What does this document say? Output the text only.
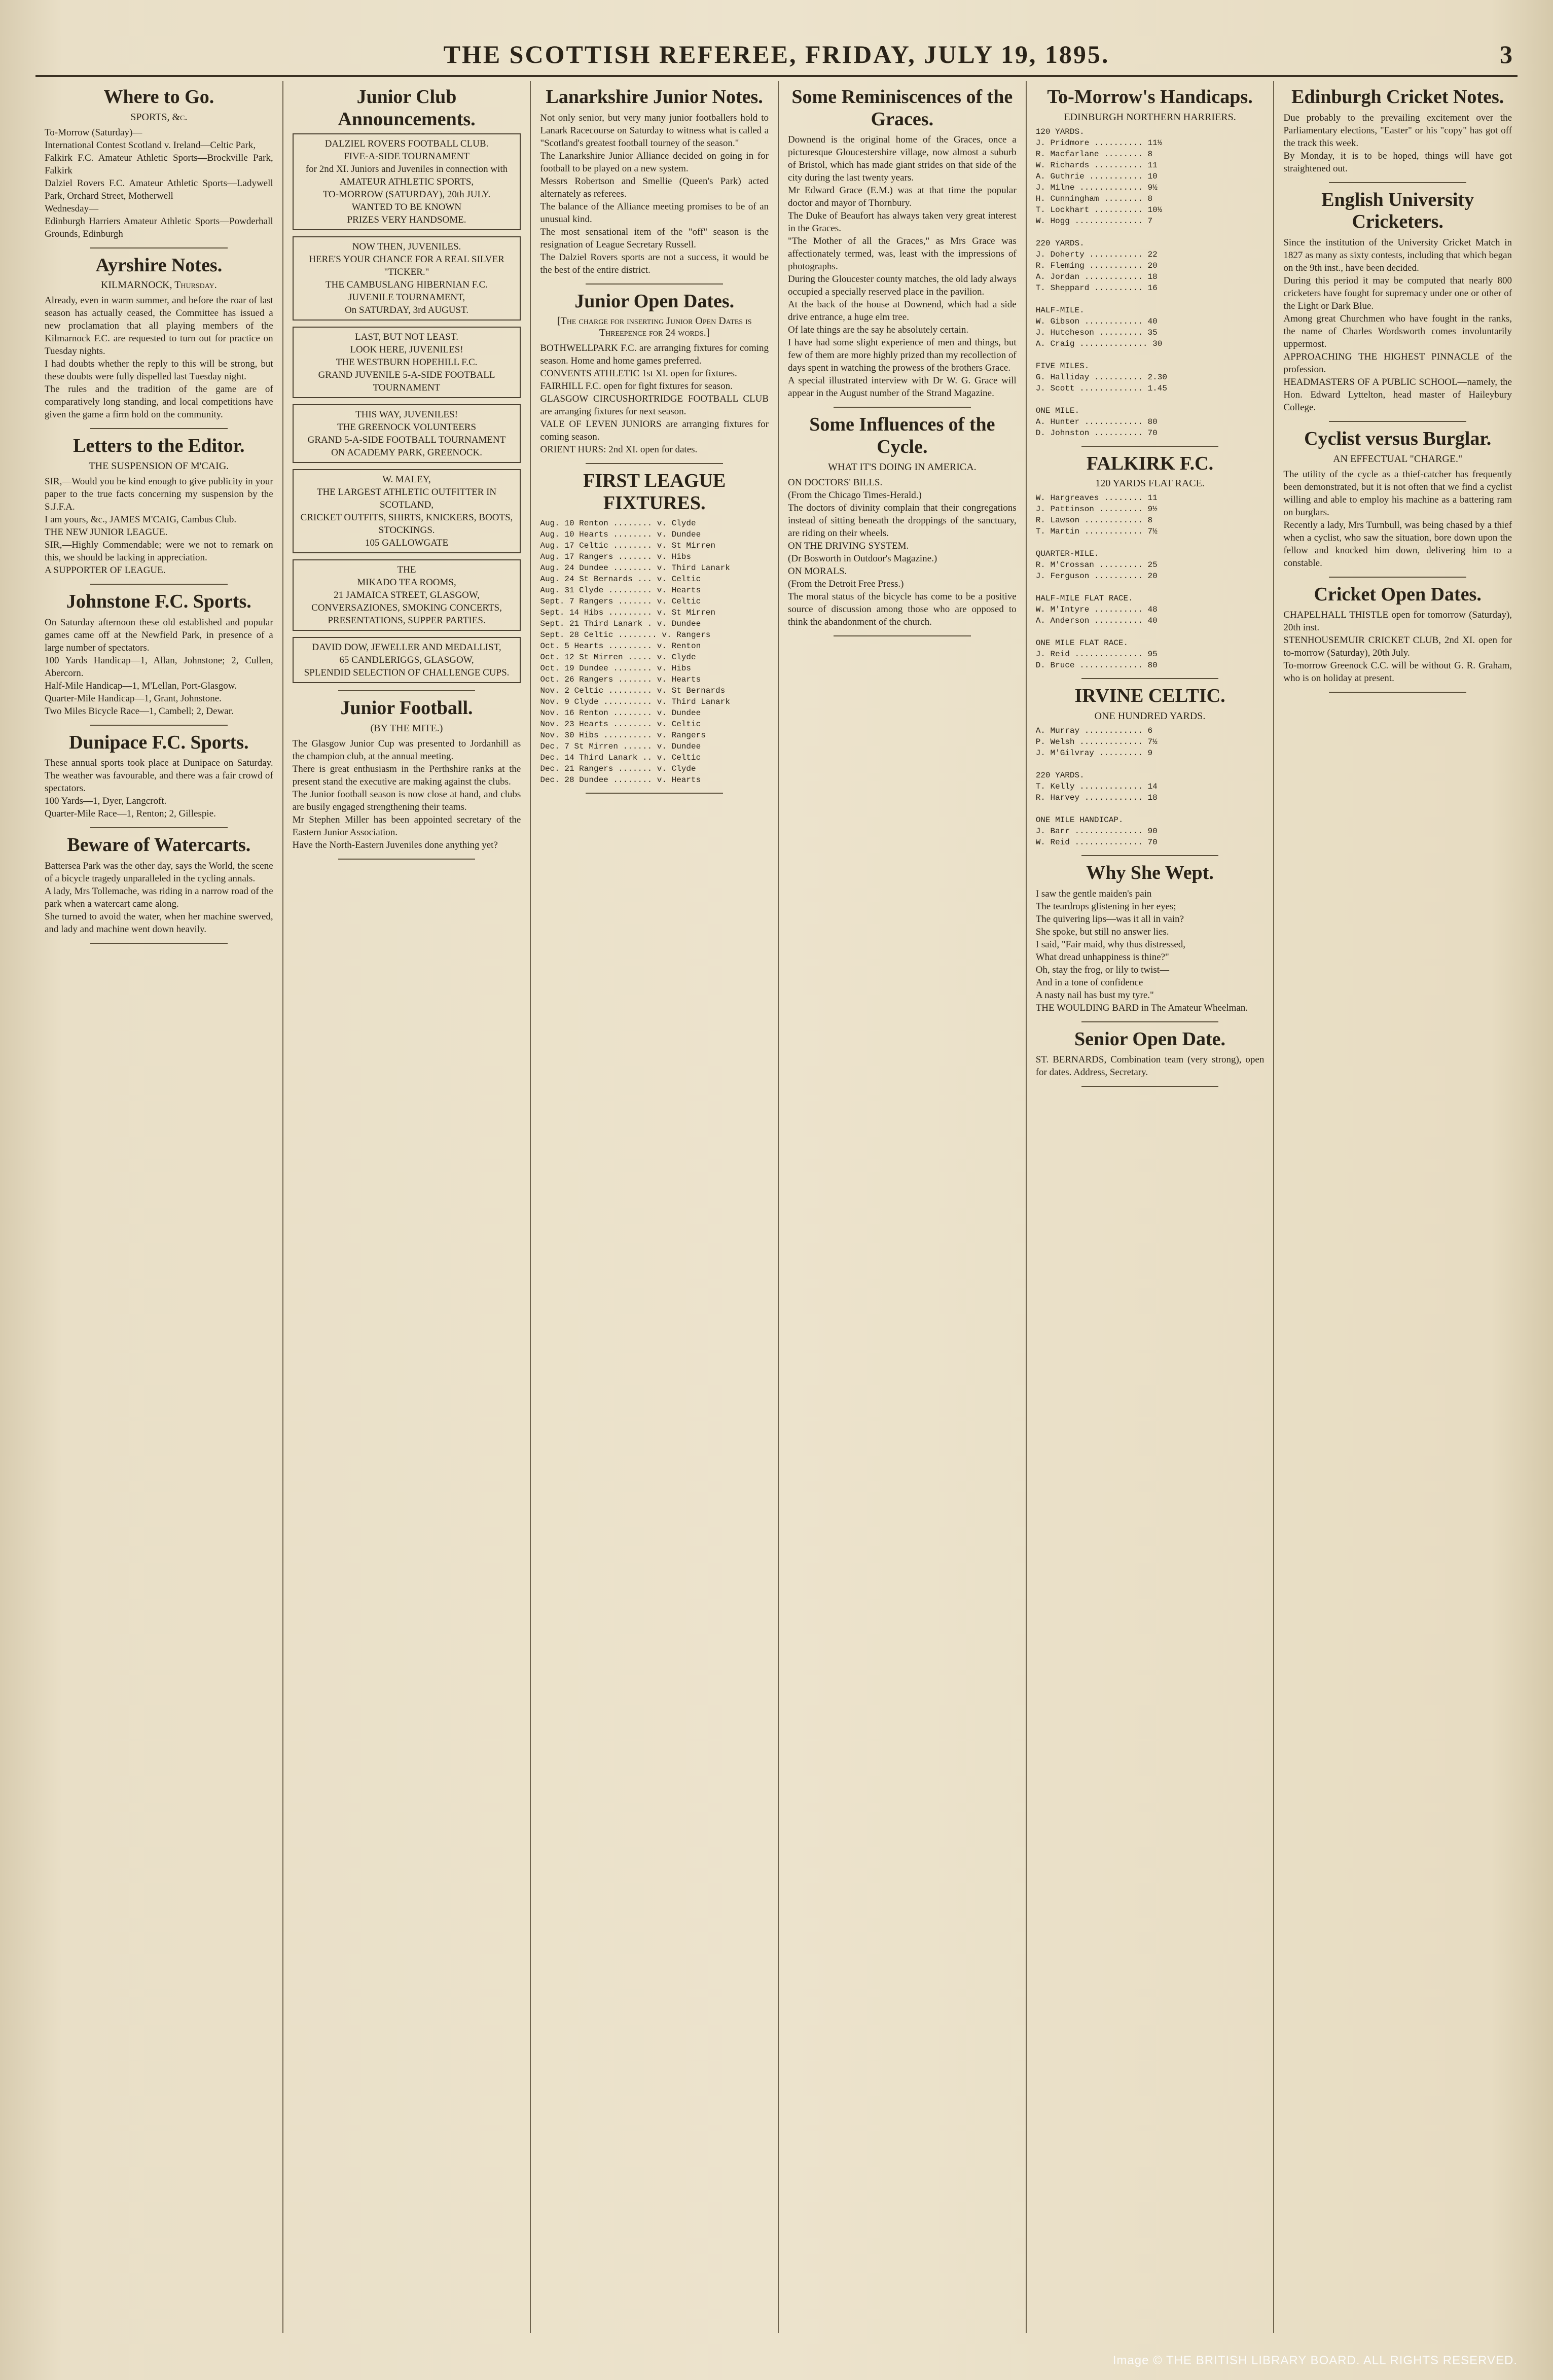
THE SCOTTISH REFEREE, FRIDAY, JULY 19, 1895.	3
Where to Go.
SPORTS, &c.
To-Morrow (Saturday)—
International Contest Scotland v. Ireland—Celtic Park,
Falkirk F.C. Amateur Athletic Sports—Brockville Park, Falkirk
Dalziel Rovers F.C. Amateur Athletic Sports—Ladywell Park, Orchard Street, Motherwell
Wednesday—
Edinburgh Harriers Amateur Athletic Sports—Powderhall Grounds, Edinburgh
Ayrshire Notes.
KILMARNOCK, Thursday.
Already, even in warm summer, and before the roar of last season has actually ceased, the Committee has issued a new proclamation that all playing members of the Kilmarnock F.C. are requested to turn out for practice on Tuesday nights.
I had doubts whether the reply to this will be strong, but these doubts were fully dispelled last Tuesday night.
The rules and the tradition of the game are of comparatively long standing, and local competitions have given the game a firm hold on the community.
Letters to the Editor.
THE SUSPENSION OF M'CAIG.
SIR,—Would you be kind enough to give publicity in your paper to the true facts concerning my suspension by the S.J.F.A.
I am yours, &c., JAMES M'CAIG, Cambus Club.
THE NEW JUNIOR LEAGUE.
SIR,—Highly Commendable; were we not to remark on this, we should be lacking in appreciation.
A SUPPORTER OF LEAGUE.
Johnstone F.C. Sports.
On Saturday afternoon these old established and popular games came off at the Newfield Park, in presence of a large number of spectators.
100 Yards Handicap—1, Allan, Johnstone; 2, Cullen, Abercorn.
Half-Mile Handicap—1, M'Lellan, Port-Glasgow.
Quarter-Mile Handicap—1, Grant, Johnstone.
Two Miles Bicycle Race—1, Cambell; 2, Dewar.
Dunipace F.C. Sports.
These annual sports took place at Dunipace on Saturday. The weather was favourable, and there was a fair crowd of spectators.
100 Yards—1, Dyer, Langcroft.
Quarter-Mile Race—1, Renton; 2, Gillespie.
Beware of Watercarts.
Battersea Park was the other day, says the World, the scene of a bicycle tragedy unparalleled in the cycling annals.
A lady, Mrs Tollemache, was riding in a narrow road of the park when a watercart came along.
She turned to avoid the water, when her machine swerved, and lady and machine went down heavily.
Junior Club Announcements.
DALZIEL ROVERS FOOTBALL CLUB.
FIVE-A-SIDE TOURNAMENT
for 2nd XI. Juniors and Juveniles in connection with
AMATEUR ATHLETIC SPORTS,
TO-MORROW (SATURDAY), 20th JULY.
WANTED TO BE KNOWN
PRIZES VERY HANDSOME.
NOW THEN, JUVENILES.
HERE'S YOUR CHANCE FOR A REAL SILVER "TICKER."
THE CAMBUSLANG HIBERNIAN F.C.
JUVENILE TOURNAMENT,
On SATURDAY, 3rd AUGUST.
LAST, BUT NOT LEAST.
LOOK HERE, JUVENILES!
THE WESTBURN HOPEHILL F.C.
GRAND JUVENILE 5-A-SIDE FOOTBALL TOURNAMENT
THIS WAY, JUVENILES!
THE GREENOCK VOLUNTEERS
GRAND 5-A-SIDE FOOTBALL TOURNAMENT
ON ACADEMY PARK, GREENOCK.
W. MALEY,
THE LARGEST ATHLETIC OUTFITTER IN SCOTLAND,
CRICKET OUTFITS, SHIRTS, KNICKERS, BOOTS, STOCKINGS.
105 GALLOWGATE
THE
MIKADO TEA ROOMS,
21 JAMAICA STREET, GLASGOW,
CONVERSAZIONES, SMOKING CONCERTS, PRESENTATIONS, SUPPER PARTIES.
DAVID DOW, JEWELLER AND MEDALLIST,
65 CANDLERIGGS, GLASGOW,
SPLENDID SELECTION OF CHALLENGE CUPS.
Junior Football.
(BY THE MITE.)
The Glasgow Junior Cup was presented to Jordanhill as the champion club, at the annual meeting.
There is great enthusiasm in the Perthshire ranks at the present stand the executive are making against the clubs.
The Junior football season is now close at hand, and clubs are busily engaged strengthening their teams.
Mr Stephen Miller has been appointed secretary of the Eastern Junior Association.
Have the North-Eastern Juveniles done anything yet?
Lanarkshire Junior Notes.
Not only senior, but very many junior footballers hold to Lanark Racecourse on Saturday to witness what is called a "Scotland's greatest football tourney of the season."
The Lanarkshire Junior Alliance decided on going in for football to be played on a new system.
Messrs Robertson and Smellie (Queen's Park) acted alternately as referees.
The balance of the Alliance meeting promises to be of an unusual kind.
The most sensational item of the "off" season is the resignation of League Secretary Russell.
The Dalziel Rovers sports are not a success, it would be the best of the entire district.
Junior Open Dates.
[The charge for inserting Junior Open Dates is Threepence for 24 words.]
BOTHWELLPARK F.C. are arranging fixtures for coming season. Home and home games preferred.
CONVENTS ATHLETIC 1st XI. open for fixtures.
FAIRHILL F.C. open for fight fixtures for season.
GLASGOW CIRCUSHORTRIDGE FOOTBALL CLUB are arranging fixtures for next season.
VALE OF LEVEN JUNIORS are arranging fixtures for coming season.
ORIENT HURS: 2nd XI. open for dates.
FIRST LEAGUE FIXTURES.
Aug. 10 Renton ........ v. Clyde
Aug. 10 Hearts ........ v. Dundee
Aug. 17 Celtic ........ v. St Mirren
Aug. 17 Rangers ....... v. Hibs
Aug. 24 Dundee ........ v. Third Lanark
Aug. 24 St Bernards ... v. Celtic
Aug. 31 Clyde ......... v. Hearts
Sept. 7 Rangers ....... v. Celtic
Sept. 14 Hibs ......... v. St Mirren
Sept. 21 Third Lanark . v. Dundee
Sept. 28 Celtic ........ v. Rangers
Oct. 5 Hearts ......... v. Renton
Oct. 12 St Mirren ..... v. Clyde
Oct. 19 Dundee ........ v. Hibs
Oct. 26 Rangers ....... v. Hearts
Nov. 2 Celtic ......... v. St Bernards
Nov. 9 Clyde .......... v. Third Lanark
Nov. 16 Renton ........ v. Dundee
Nov. 23 Hearts ........ v. Celtic
Nov. 30 Hibs .......... v. Rangers
Dec. 7 St Mirren ...... v. Dundee
Dec. 14 Third Lanark .. v. Celtic
Dec. 21 Rangers ....... v. Clyde
Dec. 28 Dundee ........ v. Hearts
Some Reminiscences of the Graces.
Downend is the original home of the Graces, once a picturesque Gloucestershire village, now almost a suburb of Bristol, which has made giant strides on that side of the city during the last twenty years.
Mr Edward Grace (E.M.) was at that time the popular doctor and mayor of Thornbury.
The Duke of Beaufort has always taken very great interest in the Graces.
"The Mother of all the Graces," as Mrs Grace was affectionately termed, was, least with the impressions of photographs.
During the Gloucester county matches, the old lady always occupied a specially reserved place in the pavilion.
At the back of the house at Downend, which had a side drive entrance, a huge elm tree.
Of late things are the say he absolutely certain.
I have had some slight experience of men and things, but few of them are more highly prized than my recollection of days spent in watching the prowess of the brothers Grace.
A special illustrated interview with Dr W. G. Grace will appear in the August number of the Strand Magazine.
Some Influences of the Cycle.
WHAT IT'S DOING IN AMERICA.
ON DOCTORS' BILLS.
(From the Chicago Times-Herald.)
The doctors of divinity complain that their congregations instead of sitting beneath the droppings of the sanctuary, are riding on their wheels.
ON THE DRIVING SYSTEM.
(Dr Bosworth in Outdoor's Magazine.)
ON MORALS.
(From the Detroit Free Press.)
The moral status of the bicycle has come to be a positive source of discussion among those who are opposed to think the abandonment of the church.
To-Morrow's Handicaps.
EDINBURGH NORTHERN HARRIERS.
120 YARDS.
J. Pridmore .......... 11½
R. Macfarlane ........ 8
W. Richards .......... 11
A. Guthrie ........... 10
J. Milne ............. 9½
H. Cunningham ........ 8
T. Lockhart .......... 10½
W. Hogg .............. 7

220 YARDS.
J. Doherty ........... 22
R. Fleming ........... 20
A. Jordan ............ 18
T. Sheppard .......... 16

HALF-MILE.
W. Gibson ............ 40
J. Hutcheson ......... 35
A. Craig .............. 30

FIVE MILES.
G. Halliday .......... 2.30
J. Scott ............. 1.45

ONE MILE.
A. Hunter ............ 80
D. Johnston .......... 70
FALKIRK F.C.
120 YARDS FLAT RACE.
W. Hargreaves ........ 11
J. Pattinson ......... 9½
R. Lawson ............ 8
T. Martin ............ 7½

QUARTER-MILE.
R. M'Crossan ......... 25
J. Ferguson .......... 20

HALF-MILE FLAT RACE.
W. M'Intyre .......... 48
A. Anderson .......... 40

ONE MILE FLAT RACE.
J. Reid .............. 95
D. Bruce ............. 80
IRVINE CELTIC.
ONE HUNDRED YARDS.
A. Murray ............ 6
P. Welsh ............. 7½
J. M'Gilvray ......... 9

220 YARDS.
T. Kelly ............. 14
R. Harvey ............ 18

ONE MILE HANDICAP.
J. Barr .............. 90
W. Reid .............. 70
Why She Wept.
I saw the gentle maiden's pain
The teardrops glistening in her eyes;
The quivering lips—was it all in vain?
She spoke, but still no answer lies.
I said, "Fair maid, why thus distressed,
What dread unhappiness is thine?"
Oh, stay the frog, or lily to twist—
And in a tone of confidence
A nasty nail has bust my tyre."
THE WOULDING BARD in The Amateur Wheelman.
Senior Open Date.
ST. BERNARDS, Combination team (very strong), open for dates. Address, Secretary.
Edinburgh Cricket Notes.
Due probably to the prevailing excitement over the Parliamentary elections, "Easter" or his "copy" has got off the track this week.
By Monday, it is to be hoped, things will have got straightened out.
English University Cricketers.
Since the institution of the University Cricket Match in 1827 as many as sixty contests, including that which began on the 9th inst., have been decided.
During this period it may be computed that nearly 800 cricketers have fought for supremacy under one or other of the Light or Dark Blue.
Among great Churchmen who have fought in the ranks, the name of Charles Wordsworth comes involuntarily uppermost.
APPROACHING THE HIGHEST PINNACLE of the profession.
HEADMASTERS OF A PUBLIC SCHOOL—namely, the Hon. Edward Lyttelton, head master of Haileybury College.
Cyclist versus Burglar.
AN EFFECTUAL "CHARGE."
The utility of the cycle as a thief-catcher has frequently been demonstrated, but it is not often that we find a cyclist willing and able to employ his machine as a battering ram on burglars.
Recently a lady, Mrs Turnbull, was being chased by a thief when a cyclist, who saw the situation, bore down upon the fellow and knocked him down, delivering him to a constable.
Cricket Open Dates.
CHAPELHALL THISTLE open for tomorrow (Saturday), 20th inst.
STENHOUSEMUIR CRICKET CLUB, 2nd XI. open for to-morrow (Saturday), 20th July.
To-morrow Greenock C.C. will be without G. R. Graham, who is on holiday at present.
Image © THE BRITISH LIBRARY BOARD. ALL RIGHTS RESERVED.
